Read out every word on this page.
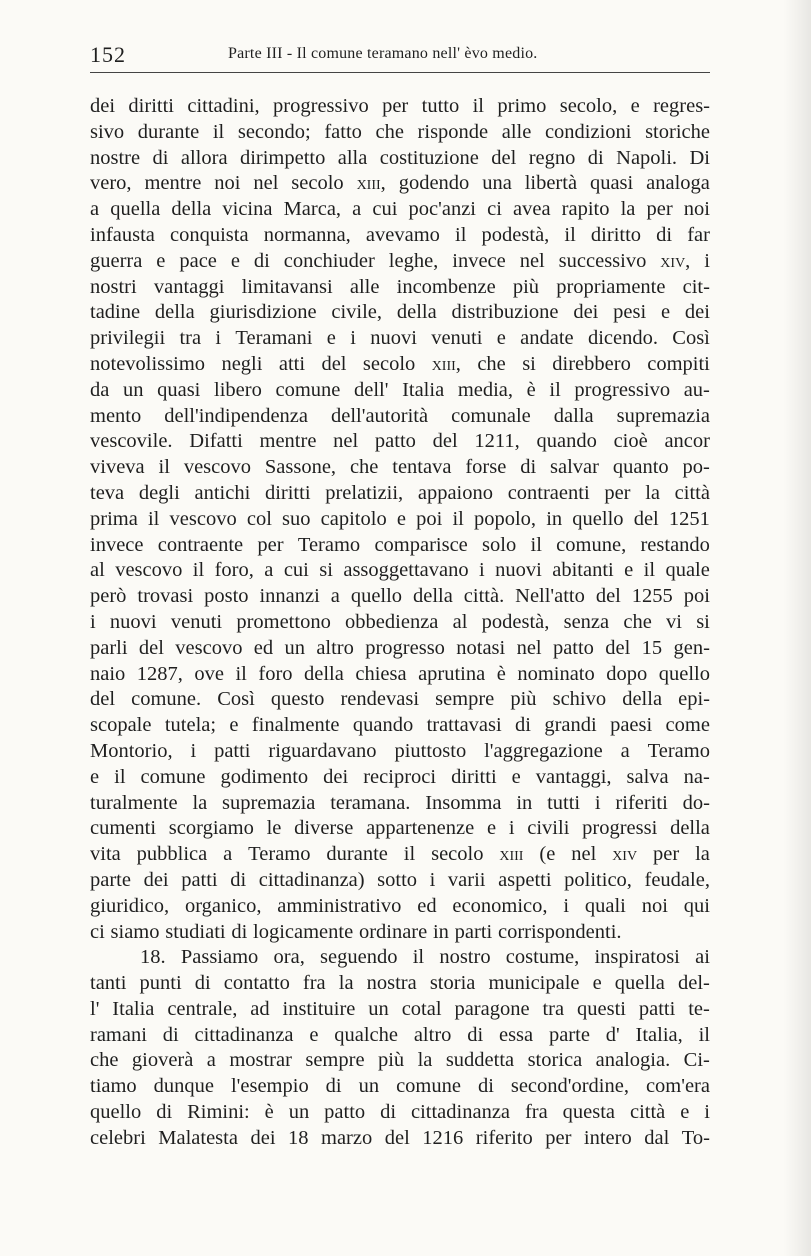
152	Parte III - Il comune teramano nell' èvo medio.
dei diritti cittadini, progressivo per tutto il primo secolo, e regres-
sivo durante il secondo; fatto che risponde alle condizioni storiche
nostre di allora dirimpetto alla costituzione del regno di Napoli. Di
vero, mentre noi nel secolo xiii, godendo una libertà quasi analoga
a quella della vicina Marca, a cui poc'anzi ci avea rapito la per noi
infausta conquista normanna, avevamo il podestà, il diritto di far
guerra e pace e di conchiuder leghe, invece nel successivo xiv, i
nostri vantaggi limitavansi alle incombenze più propriamente cit-
tadine della giurisdizione civile, della distribuzione dei pesi e dei
privilegii tra i Teramani e i nuovi venuti e andate dicendo. Così
notevolissimo negli atti del secolo xiii, che si direbbero compiti
da un quasi libero comune dell' Italia media, è il progressivo au-
mento dell'indipendenza dell'autorità comunale dalla supremazia
vescovile. Difatti mentre nel patto del 1211, quando cioè ancor
viveva il vescovo Sassone, che tentava forse di salvar quanto po-
teva degli antichi diritti prelatizii, appaiono contraenti per la città
prima il vescovo col suo capitolo e poi il popolo, in quello del 1251
invece contraente per Teramo comparisce solo il comune, restando
al vescovo il foro, a cui si assoggettavano i nuovi abitanti e il quale
però trovasi posto innanzi a quello della città. Nell'atto del 1255 poi
i nuovi venuti promettono obbedienza al podestà, senza che vi si
parli del vescovo ed un altro progresso notasi nel patto del 15 gen-
naio 1287, ove il foro della chiesa aprutina è nominato dopo quello
del comune. Così questo rendevasi sempre più schivo della epi-
scopale tutela; e finalmente quando trattavasi di grandi paesi come
Montorio, i patti riguardavano piuttosto l'aggregazione a Teramo
e il comune godimento dei reciproci diritti e vantaggi, salva na-
turalmente la supremazia teramana. Insomma in tutti i riferiti do-
cumenti scorgiamo le diverse appartenenze e i civili progressi della
vita pubblica a Teramo durante il secolo xiii (e nel xiv per la
parte dei patti di cittadinanza) sotto i varii aspetti politico, feudale,
giuridico, organico, amministrativo ed economico, i quali noi qui
ci siamo studiati di logicamente ordinare in parti corrispondenti.
18. Passiamo ora, seguendo il nostro costume, inspiratosi ai
tanti punti di contatto fra la nostra storia municipale e quella del-
l' Italia centrale, ad instituire un cotal paragone tra questi patti te-
ramani di cittadinanza e qualche altro di essa parte d' Italia, il
che gioverà a mostrar sempre più la suddetta storica analogia. Ci-
tiamo dunque l'esempio di un comune di second'ordine, com'era
quello di Rimini: è un patto di cittadinanza fra questa città e i
celebri Malatesta dei 18 marzo del 1216 riferito per intero dal To-
